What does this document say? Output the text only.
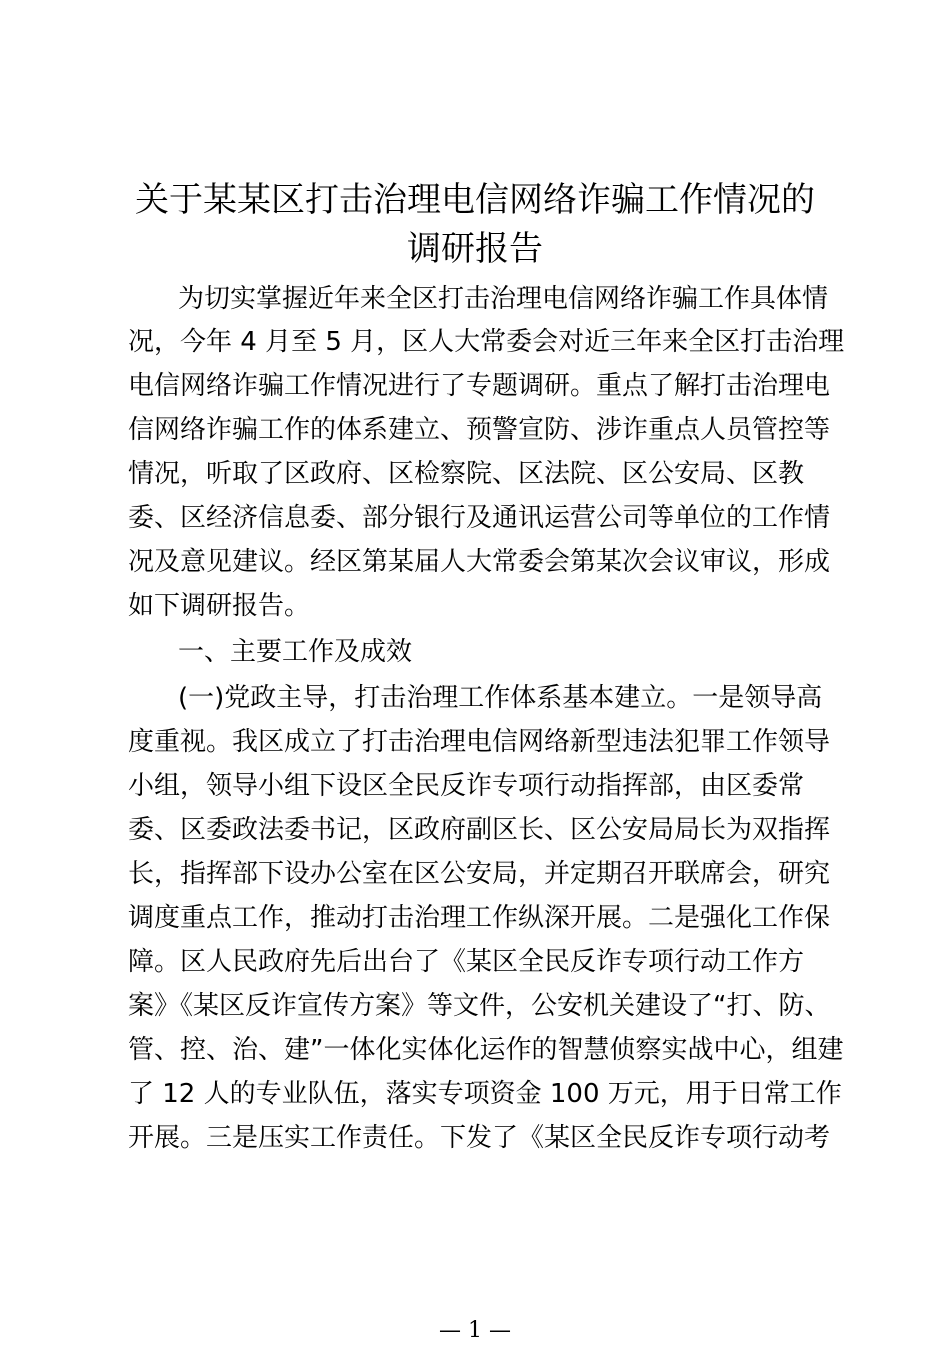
关于某某区打击治理电信网络诈骗工作情况的
调研报告
为切实掌握近年来全区打击治理电信网络诈骗工作具体情
况，今年 4 月至 5 月，区人大常委会对近三年来全区打击治理
电信网络诈骗工作情况进行了专题调研。重点了解打击治理电
信网络诈骗工作的体系建立、预警宣防、涉诈重点人员管控等
情况，听取了区政府、区检察院、区法院、区公安局、区教
委、区经济信息委、部分银行及通讯运营公司等单位的工作情
况及意见建议。经区第某届人大常委会第某次会议审议，形成
如下调研报告。
一、主要工作及成效
(一)党政主导，打击治理工作体系基本建立。一是领导高
度重视。我区成立了打击治理电信网络新型违法犯罪工作领导
小组，领导小组下设区全民反诈专项行动指挥部，由区委常
委、区委政法委书记，区政府副区长、区公安局局长为双指挥
长，指挥部下设办公室在区公安局，并定期召开联席会，研究
调度重点工作，推动打击治理工作纵深开展。二是强化工作保
障。区人民政府先后出台了《某区全民反诈专项行动工作方
案》《某区反诈宣传方案》等文件，公安机关建设了“打、防、
管、控、治、建”一体化实体化运作的智慧侦察实战中心，组建
了 12 人的专业队伍，落实专项资金 100 万元，用于日常工作
开展。三是压实工作责任。下发了《某区全民反诈专项行动考
— 1 —
